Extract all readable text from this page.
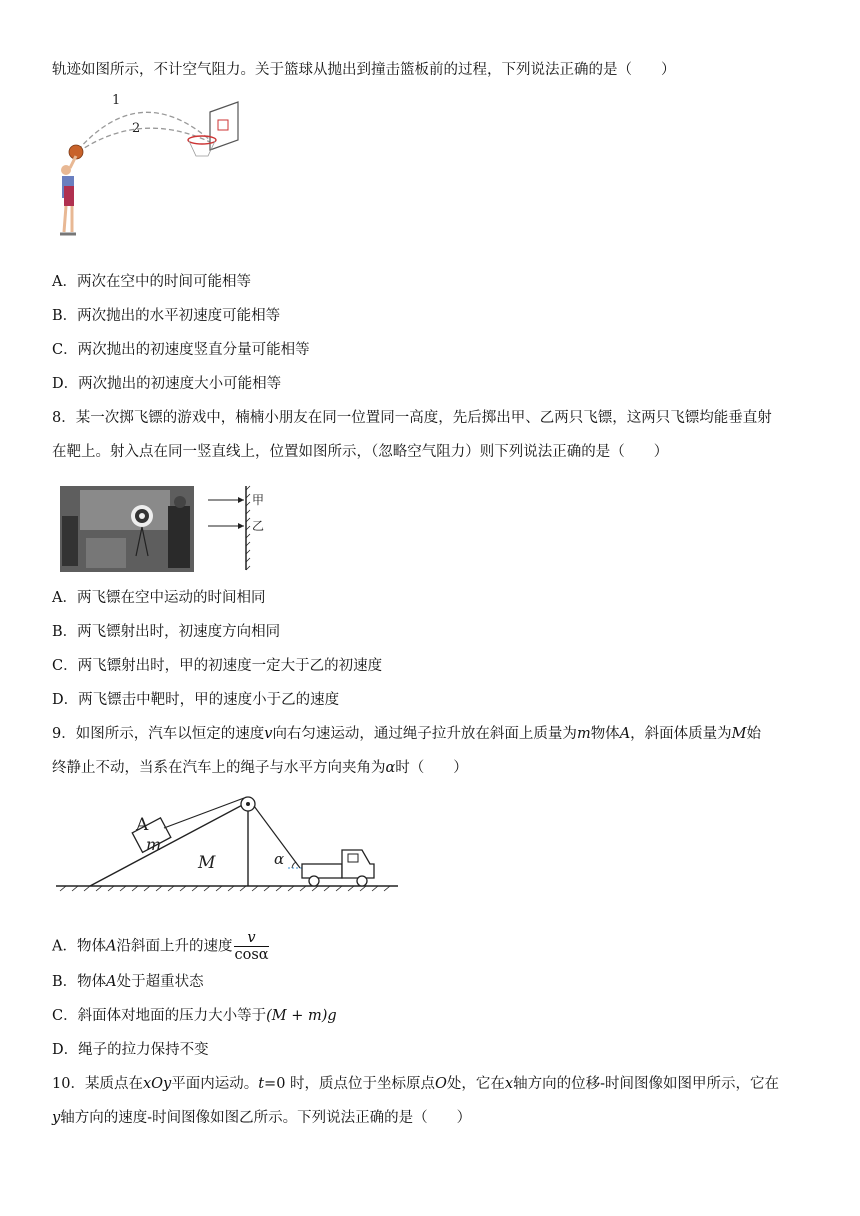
轨迹如图所示，不计空气阻力。关于篮球从抛出到撞击篮板前的过程，下列说法正确的是（　　）
1
2
A．两次在空中的时间可能相等
B．两次抛出的水平初速度可能相等
C．两次抛出的初速度竖直分量可能相等
D．两次抛出的初速度大小可能相等
8．某一次掷飞镖的游戏中，楠楠小朋友在同一位置同一高度，先后掷出甲、乙两只飞镖，这两只飞镖均能垂直射
在靶上。射入点在同一竖直线上，位置如图所示，（忽略空气阻力）则下列说法正确的是（　　）
甲
乙
A．两飞镖在空中运动的时间相同
B．两飞镖射出时，初速度方向相同
C．两飞镖射出时，甲的初速度一定大于乙的初速度
D．两飞镖击中靶时，甲的速度小于乙的速度
9．如图所示，汽车以恒定的速度v向右匀速运动，通过绳子拉升放在斜面上质量为m物体A，斜面体质量为M始
终静止不动，当系在汽车上的绳子与水平方向夹角为α时（　　）
A
m
M	α
A．物体A沿斜面上升的速度 $\frac{v}{\cos\alpha}$
B．物体A处于超重状态
C．斜面体对地面的压力大小等于(M + m)g
D．绳子的拉力保持不变
10．某质点在xOy平面内运动。t=0 时，质点位于坐标原点O处，它在x轴方向的位移-时间图像如图甲所示，它在
y轴方向的速度-时间图像如图乙所示。下列说法正确的是（　　）
